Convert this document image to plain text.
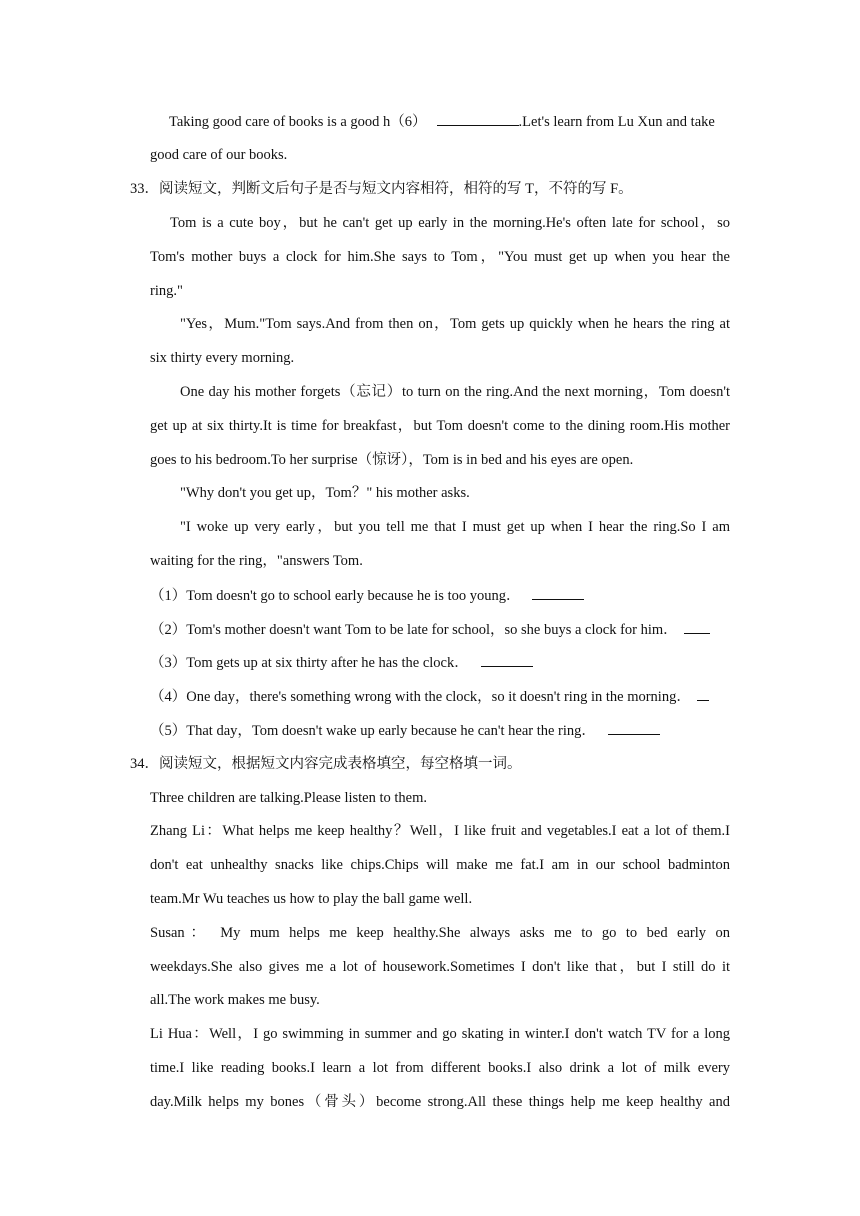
Taking good care of books is a good h（6）	.Let's learn from Lu Xun and take
good care of our books.
33．阅读短文，判断文后句子是否与短文内容相符，相符的写 T，不符的写 F。
Tom is a cute boy，but he can't get up early in the morning.He's often late for school，so
Tom's mother buys a clock for him.She says to Tom，"You must get up when you hear the
ring."
"Yes，Mum."Tom says.And from then on，Tom gets up quickly when he hears the ring at
six thirty every morning.
One day his mother forgets（忘记）to turn on the ring.And the next morning，Tom doesn't
get up at six thirty.It is time for breakfast，but Tom doesn't come to the dining room.His mother
goes to his bedroom.To her surprise（惊讶），Tom is in bed and his eyes are open.
"Why don't you get up，Tom？" his mother asks.
"I woke up very early，but you tell me that I must get up when I hear the ring.So I am
waiting for the ring，"answers Tom.
（1）Tom doesn't go to school early because he is too young．
（2）Tom's mother doesn't want Tom to be late for school，so she buys a clock for him．
（3）Tom gets up at six thirty after he has the clock．
（4）One day，there's something wrong with the clock，so it doesn't ring in the morning．
（5）That day，Tom doesn't wake up early because he can't hear the ring．
34．阅读短文，根据短文内容完成表格填空，每空格填一词。
Three children are talking.Please listen to them.
Zhang Li：What helps me keep healthy？Well，I like fruit and vegetables.I eat a lot of them.I
don't eat unhealthy snacks like chips.Chips will make me fat.I am in our school badminton
team.Mr Wu teaches us how to play the ball game well.
Susan： My mum helps me keep healthy.She always asks me to go to bed early on
weekdays.She also gives me a lot of housework.Sometimes I don't like that，but I still do it
all.The work makes me busy.
Li Hua：Well，I go swimming in summer and go skating in winter.I don't watch TV for a long
time.I like reading books.I learn a lot from different books.I also drink a lot of milk every
day.Milk helps my bones（骨头）become strong.All these things help me keep healthy and
